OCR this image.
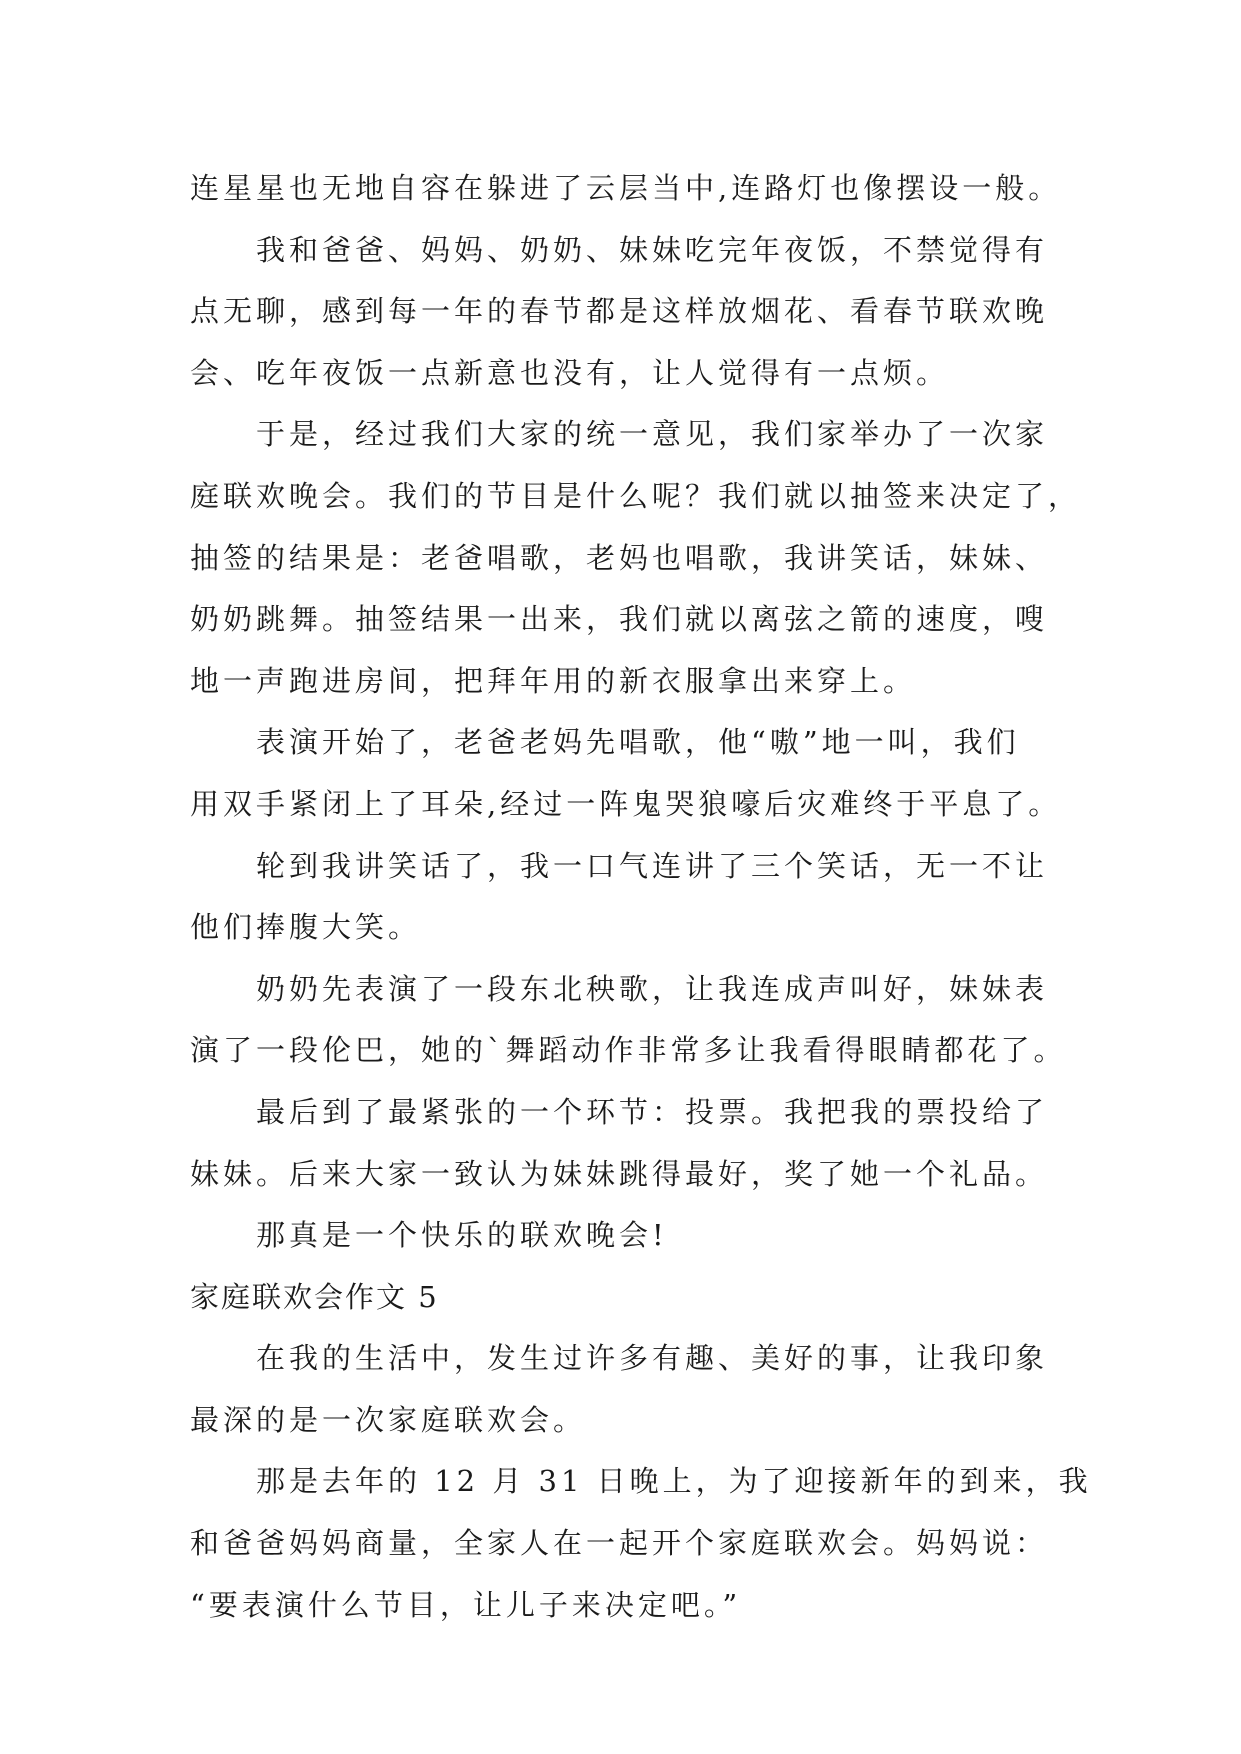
连星星也无地自容在躲进了云层当中,连路灯也像摆设一般。
我和爸爸、妈妈、奶奶、妹妹吃完年夜饭，不禁觉得有
点无聊，感到每一年的春节都是这样放烟花、看春节联欢晚
会、吃年夜饭一点新意也没有，让人觉得有一点烦。
于是，经过我们大家的统一意见，我们家举办了一次家
庭联欢晚会。我们的节目是什么呢？我们就以抽签来决定了，
抽签的结果是：老爸唱歌，老妈也唱歌，我讲笑话，妹妹、
奶奶跳舞。抽签结果一出来，我们就以离弦之箭的速度，嗖
地一声跑进房间，把拜年用的新衣服拿出来穿上。
表演开始了，老爸老妈先唱歌，他“嗷”地一叫，我们
用双手紧闭上了耳朵,经过一阵鬼哭狼嚎后灾难终于平息了。
轮到我讲笑话了，我一口气连讲了三个笑话，无一不让
他们捧腹大笑。
奶奶先表演了一段东北秧歌，让我连成声叫好，妹妹表
演了一段伦巴，她的`舞蹈动作非常多让我看得眼睛都花了。
最后到了最紧张的一个环节：投票。我把我的票投给了
妹妹。后来大家一致认为妹妹跳得最好，奖了她一个礼品。
那真是一个快乐的联欢晚会!
家庭联欢会作文 5
在我的生活中，发生过许多有趣、美好的事，让我印象
最深的是一次家庭联欢会。
那是去年的 12 月 31 日晚上，为了迎接新年的到来，我
和爸爸妈妈商量，全家人在一起开个家庭联欢会。妈妈说：
“要表演什么节目，让儿子来决定吧。”
